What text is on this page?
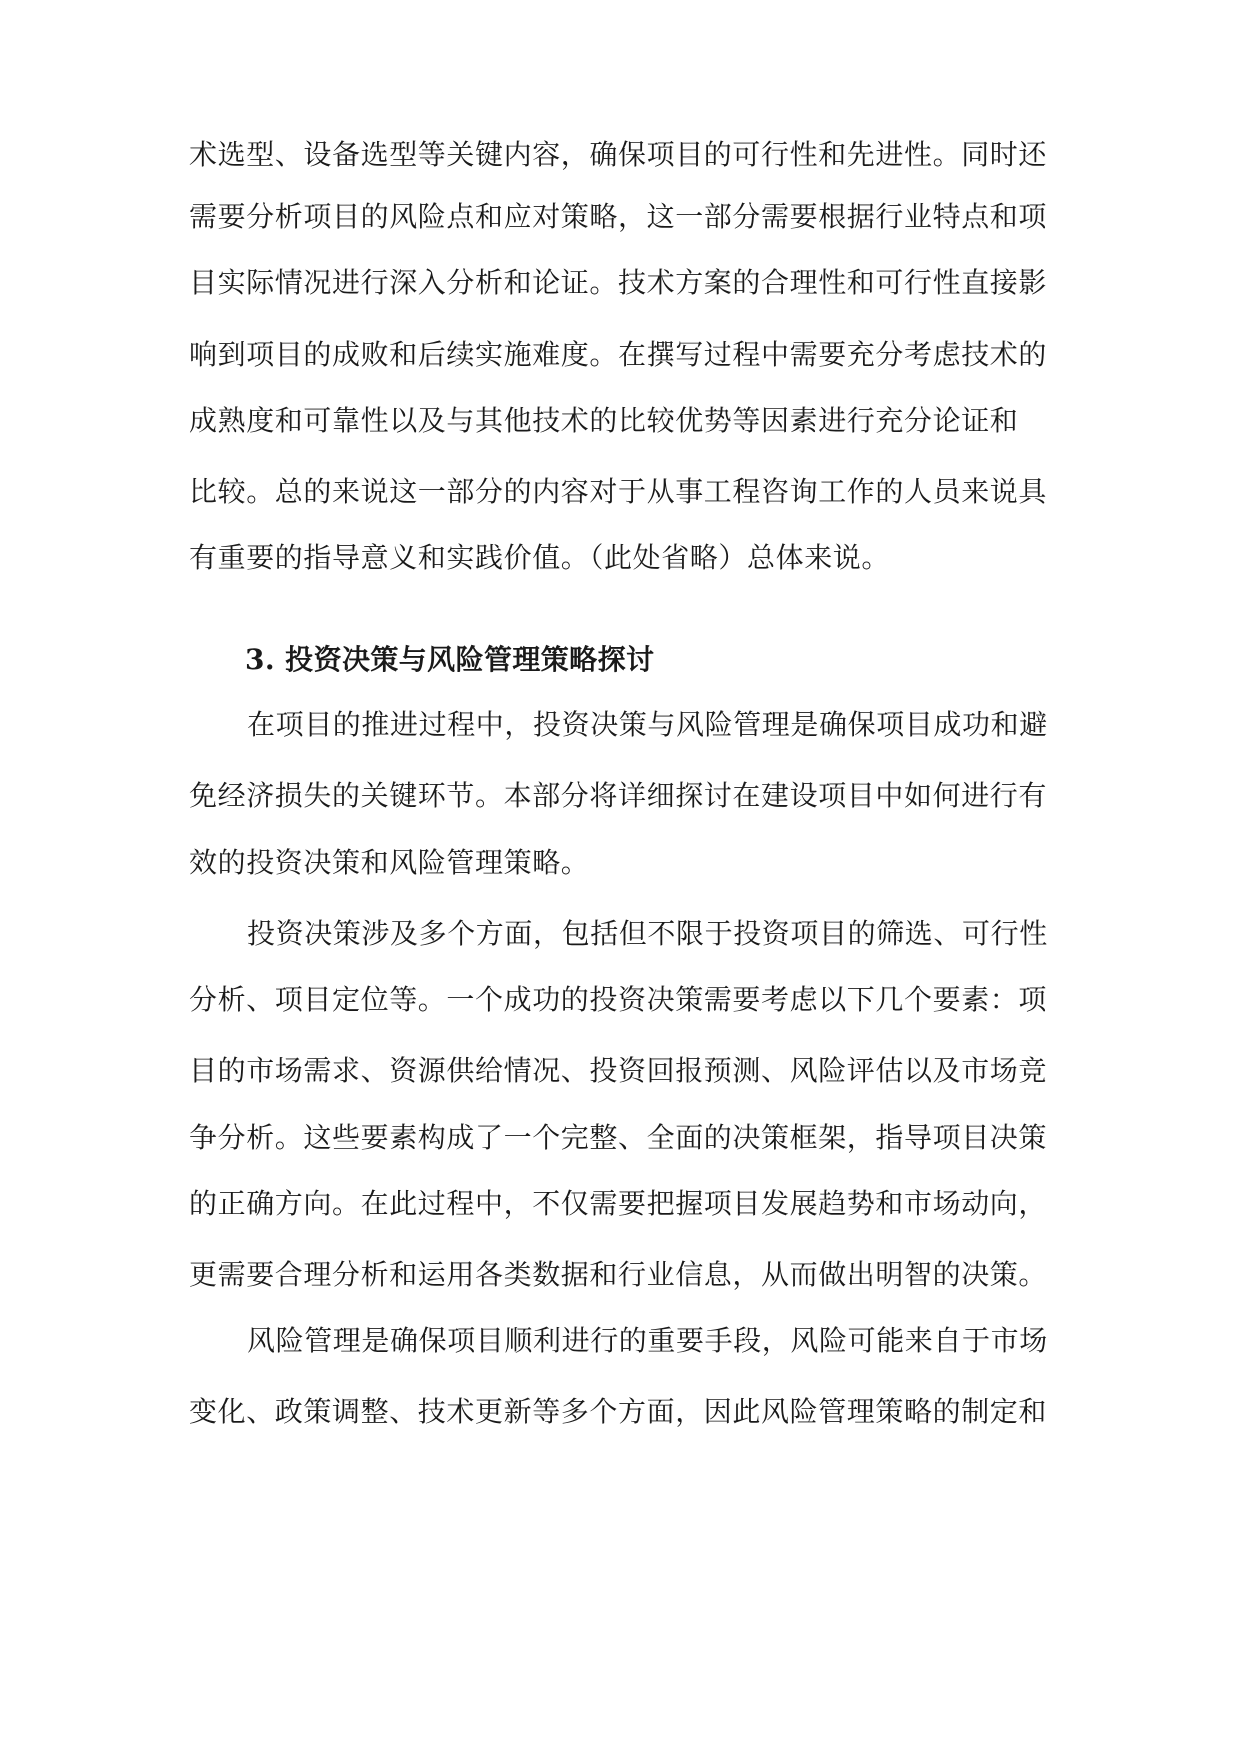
术选型、设备选型等关键内容，确保项目的可行性和先进性。同时还
需要分析项目的风险点和应对策略，这一部分需要根据行业特点和项
目实际情况进行深入分析和论证。技术方案的合理性和可行性直接影
响到项目的成败和后续实施难度。在撰写过程中需要充分考虑技术的
成熟度和可靠性以及与其他技术的比较优势等因素进行充分论证和
比较。总的来说这一部分的内容对于从事工程咨询工作的人员来说具
有重要的指导意义和实践价值。（此处省略）总体来说。
3. 投资决策与风险管理策略探讨
在项目的推进过程中，投资决策与风险管理是确保项目成功和避
免经济损失的关键环节。本部分将详细探讨在建设项目中如何进行有
效的投资决策和风险管理策略。
投资决策涉及多个方面，包括但不限于投资项目的筛选、可行性
分析、项目定位等。一个成功的投资决策需要考虑以下几个要素：项
目的市场需求、资源供给情况、投资回报预测、风险评估以及市场竞
争分析。这些要素构成了一个完整、全面的决策框架，指导项目决策
的正确方向。在此过程中，不仅需要把握项目发展趋势和市场动向，
更需要合理分析和运用各类数据和行业信息，从而做出明智的决策。
风险管理是确保项目顺利进行的重要手段，风险可能来自于市场
变化、政策调整、技术更新等多个方面，因此风险管理策略的制定和
